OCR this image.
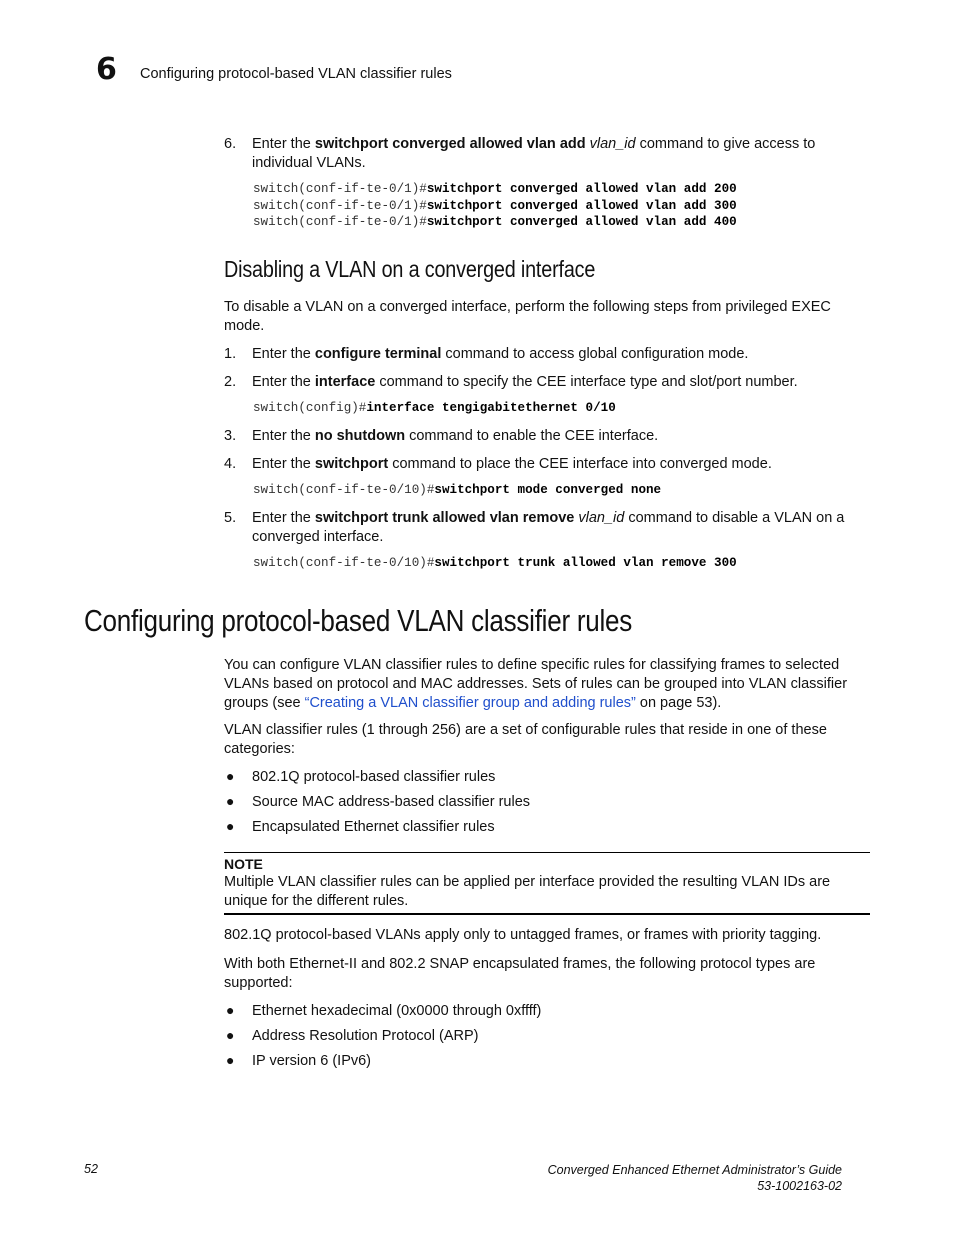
6 Configuring protocol-based VLAN classifier rules
6. Enter the switchport converged allowed vlan add vlan_id command to give access to individual VLANs.
switch(conf-if-te-0/1)#switchport converged allowed vlan add 200
switch(conf-if-te-0/1)#switchport converged allowed vlan add 300
switch(conf-if-te-0/1)#switchport converged allowed vlan add 400
Disabling a VLAN on a converged interface
To disable a VLAN on a converged interface, perform the following steps from privileged EXEC mode.
1. Enter the configure terminal command to access global configuration mode.
2. Enter the interface command to specify the CEE interface type and slot/port number.
switch(config)#interface tengigabitethernet 0/10
3. Enter the no shutdown command to enable the CEE interface.
4. Enter the switchport command to place the CEE interface into converged mode.
switch(conf-if-te-0/10)#switchport mode converged none
5. Enter the switchport trunk allowed vlan remove vlan_id command to disable a VLAN on a converged interface.
switch(conf-if-te-0/10)#switchport trunk allowed vlan remove 300
Configuring protocol-based VLAN classifier rules
You can configure VLAN classifier rules to define specific rules for classifying frames to selected VLANs based on protocol and MAC addresses. Sets of rules can be grouped into VLAN classifier groups (see “Creating a VLAN classifier group and adding rules” on page 53).
VLAN classifier rules (1 through 256) are a set of configurable rules that reside in one of these categories:
● 802.1Q protocol-based classifier rules
● Source MAC address-based classifier rules
● Encapsulated Ethernet classifier rules
NOTE
Multiple VLAN classifier rules can be applied per interface provided the resulting VLAN IDs are unique for the different rules.
802.1Q protocol-based VLANs apply only to untagged frames, or frames with priority tagging.
With both Ethernet-II and 802.2 SNAP encapsulated frames, the following protocol types are supported:
● Ethernet hexadecimal (0x0000 through 0xffff)
● Address Resolution Protocol (ARP)
● IP version 6 (IPv6)
52	Converged Enhanced Ethernet Administrator’s Guide
53-1002163-02
